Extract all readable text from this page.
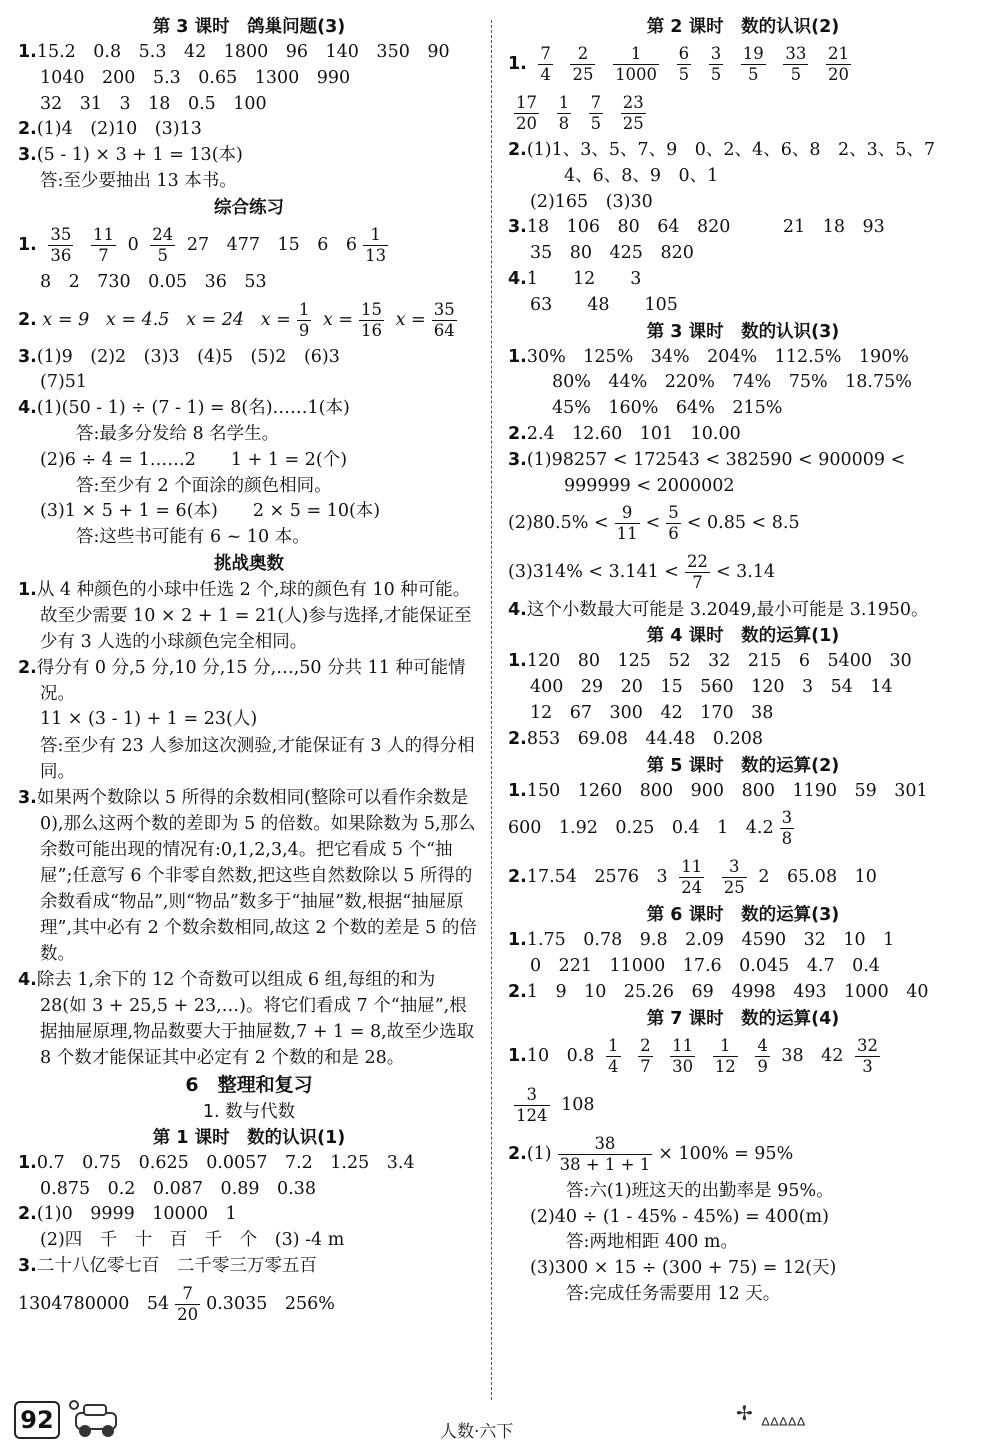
第 3 课时　鸽巢问题(3)
1.15.2　0.8　5.3　42　1800　96　140　350　90
1040　200　5.3　0.65　1300　990
32　31　3　18　0.5　100
2.(1)4　(2)10　(3)13
3.(5 - 1) × 3 + 1 = 13(本)
答:至少要抽出 13 本书。
综合练习
1. $\frac{35}{36}$
$\frac{11}{7} 0 \frac{24}{5} 27$　477　15　6　$6 \frac{1}{13}$
8　2　730　0.05　36　53
2. x = 9 x = 4.5 x = 24 $x = \frac{1}{9}$ $x = \frac{15}{16}$ $x = \frac{35}{64}$
3.(1)9　(2)2　(3)3　(4)5　(5)2　(6)3
(7)51
4.(1)(50 - 1) ÷ (7 - 1) = 8(名)……1(本)
答:最多分发给 8 名学生。
(2)6 ÷ 4 = 1……2　　1 + 1 = 2(个)
答:至少有 2 个面涂的颜色相同。
(3)1 × 5 + 1 = 6(本)　　2 × 5 = 10(本)
答:这些书可能有 6 ~ 10 本。
挑战奥数
1.从 4 种颜色的小球中任选 2 个,球的颜色有 10 种可能。故至少需要 10 × 2 + 1 = 21(人)参与选择,才能保证至少有 3 人选的小球颜色完全相同。
2.得分有 0 分,5 分,10 分,15 分,…,50 分共 11 种可能情况。
11 × (3 - 1) + 1 = 23(人)
答:至少有 23 人参加这次测验,才能保证有 3 人的得分相同。
3.如果两个数除以 5 所得的余数相同(整除可以看作余数是 0),那么这两个数的差即为 5 的倍数。如果除数为 5,那么余数可能出现的情况有:0,1,2,3,4。把它看成 5 个“抽屉”;任意写 6 个非零自然数,把这些自然数除以 5 所得的余数看成“物品”,则“物品”数多于“抽屉”数,根据“抽屉原理”,其中必有 2 个数余数相同,故这 2 个数的差是 5 的倍数。
4.除去 1,余下的 12 个奇数可以组成 6 组,每组的和为 28(如 3 + 25,5 + 23,…)。将它们看成 7 个“抽屉”,根据抽屉原理,物品数要大于抽屉数,7 + 1 = 8,故至少选取 8 个数才能保证其中必定有 2 个数的和是 28。
6　整理和复习
1. 数与代数
第 1 课时　数的认识(1)
1.0.7　0.75　0.625　0.0057　7.2　1.25　3.4
0.875　0.2　0.087　0.89　0.38
2.(1)0　9999　10000　1
(2)四　千　十　百　千　个　(3) -4 m
3.二十八亿零七百　二千零三万零五百
1304780000　$54 \frac{7}{20} 0.3035$　256%
第 2 课时　数的认识(2)
1. $\frac{7}{4}$
$\frac{2}{25}$
$\frac{1}{1000}$
$\frac{6}{5}$
$\frac{3}{5}$
$\frac{19}{5}$
$\frac{33}{5}$
$\frac{21}{20}$
$\frac{17}{20}$
$\frac{1}{8}$
$\frac{7}{5}$
$\frac{23}{25}$
2.(1)1、3、5、7、9　0、2、4、6、8　2、3、5、7
4、6、8、9　0、1
(2)165　(3)30
3.18　106　80　64　820　　　21　18　93
35　80　425　820
4.1　　12　　3
63　　48　　105
第 3 课时　数的认识(3)
1.30%　125%　34%　204%　112.5%　190%
80%　44%　220%　74%　75%　18.75%
45%　160%　64%　215%
2.2.4　12.60　101　10.00
3.(1)98257 < 172543 < 382590 < 900009 <
999999 < 2000002
$(2)80.5\% < \frac{9}{11} < \frac{5}{6} < 0.85 < 8.5$
$(3)314\% < 3.141 < \frac{22}{7} < 3.14$
4.这个小数最大可能是 3.2049,最小可能是 3.1950。
第 4 课时　数的运算(1)
1.120　80　125　52　32　215　6　5400　30
400　29　20　15　560　120　3　54　14
12　67　300　42　170　38
2.853　69.08　44.48　0.208
第 5 课时　数的运算(2)
1.150　1260　800　900　800　1190　59　301
600　1.92　0.25　0.4　1　$4.2 \frac{3}{8}$
2.17.54　2576　$3 \frac{11}{24}$
$\frac{3}{25} 2$　65.08　10
第 6 课时　数的运算(3)
1.1.75　0.78　9.8　2.09　4590　32　10　1
0　221　11000　17.6　0.045　4.7　0.4
2.1　9　10　25.26　69　4998　493　1000　40
第 7 课时　数的运算(4)
1.10　$0.8 \frac{1}{4}$
$\frac{2}{7}$
$\frac{11}{30}$
$\frac{1}{12}$
$\frac{4}{9} 38$　$42 \frac{32}{3}$
$\frac{3}{124} 108$
$2.(1) \frac{38}{38 + 1 + 1} \times 100\% = 95\%$
答:六(1)班这天的出勤率是 95%。
(2)40 ÷ (1 - 45% - 45%) = 400(m)
答:两地相距 400 m。
(3)300 × 15 ÷ (300 + 75) = 12(天)
答:完成任务需要用 12 天。
92	人数·六下
✢ ᐞᐞᐞᐞᐞ
